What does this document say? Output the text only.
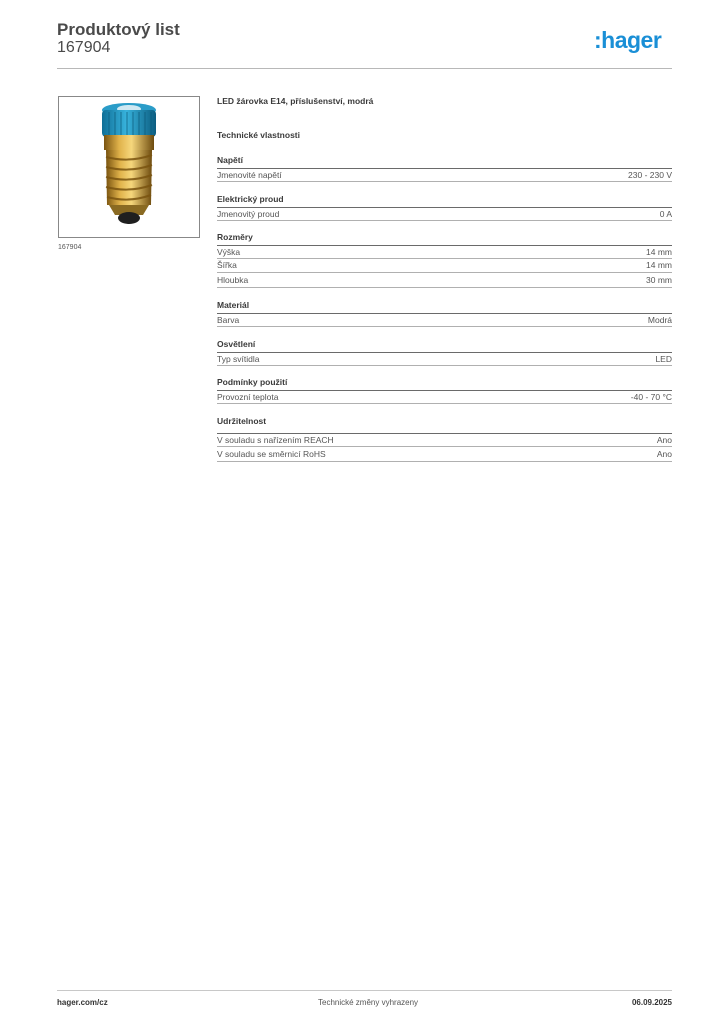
Produktový list
167904	:hager
167904
LED žárovka E14, příslušenství, modrá
Technické vlastnosti
Napětí
Jmenovité napětí	230 - 230 V
Elektrický proud
Jmenovitý proud	0 A
Rozměry
Výška	14 mm
Šířka	14 mm
Hloubka	30 mm
Materiál
Barva	Modrá
Osvětlení
Typ svítidla	LED
Podmínky použití
Provozní teplota	-40 - 70 °C
Udržitelnost
V souladu s nařízením REACH	Ano
V souladu se směrnicí RoHS	Ano
hager.com/cz	Technické změny vyhrazeny	06.09.2025
